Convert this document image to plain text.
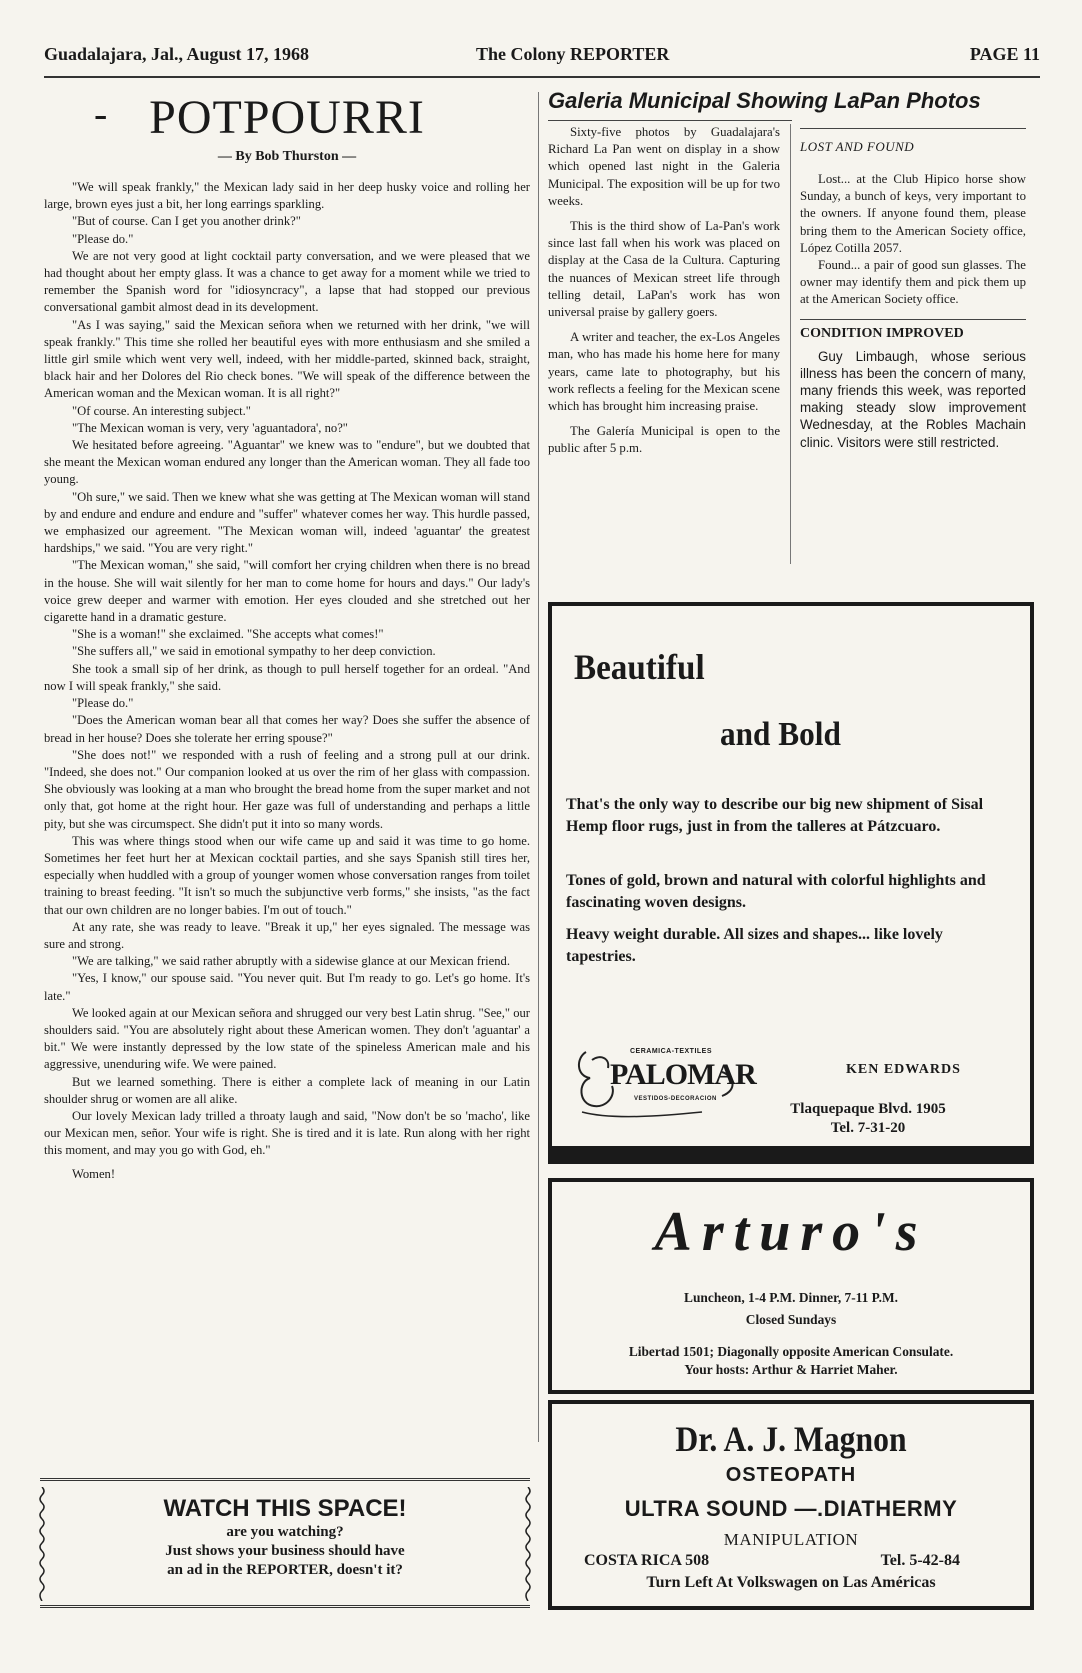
Guadalajara, Jal., August 17, 1968	The Colony REPORTER	PAGE 11
- POTPOURRI
— By Bob Thurston —

"We will speak frankly," the Mexican lady said in her deep husky voice and rolling her large, brown eyes just a bit, her long earrings sparkling.

"But of course. Can I get you another drink?"

"Please do."

We are not very good at light cocktail party conversation, and we were pleased that we had thought about her empty glass. It was a chance to get away for a moment while we tried to remember the Spanish word for "idiosyncracy", a lapse that had stopped our previous conversational gambit almost dead in its development.

"As I was saying," said the Mexican señora when we returned with her drink, "we will speak frankly." This time she rolled her beautiful eyes with more enthusiasm and she smiled a little girl smile which went very well, indeed, with her middle-parted, skinned back, straight, black hair and her Dolores del Rio check bones. "We will speak of the difference between the American woman and the Mexican woman. It is all right?"

"Of course. An interesting subject."

"The Mexican woman is very, very 'aguantadora', no?"

We hesitated before agreeing. "Aguantar" we knew was to "endure", but we doubted that she meant the Mexican woman endured any longer than the American woman. They all fade too young.

"Oh sure," we said. Then we knew what she was getting at The Mexican woman will stand by and endure and endure and endure and "suffer" whatever comes her way. This hurdle passed, we emphasized our agreement. "The Mexican woman will, indeed 'aguantar' the greatest hardships," we said. "You are very right."

"The Mexican woman," she said, "will comfort her crying children when there is no bread in the house. She will wait silently for her man to come home for hours and days." Our lady's voice grew deeper and warmer with emotion. Her eyes clouded and she stretched out her cigarette hand in a dramatic gesture.

"She is a woman!" she exclaimed. "She accepts what comes!"

"She suffers all," we said in emotional sympathy to her deep conviction.

She took a small sip of her drink, as though to pull herself together for an ordeal. "And now I will speak frankly," she said.

"Please do."

"Does the American woman bear all that comes her way? Does she suffer the absence of bread in her house? Does she tolerate her erring spouse?"

"She does not!" we responded with a rush of feeling and a strong pull at our drink. "Indeed, she does not." Our companion looked at us over the rim of her glass with compassion. She obviously was looking at a man who brought the bread home from the super market and not only that, got home at the right hour. Her gaze was full of understanding and perhaps a little pity, but she was circumspect. She didn't put it into so many words.

This was where things stood when our wife came up and said it was time to go home. Sometimes her feet hurt her at Mexican cocktail parties, and she says Spanish still tires her, especially when huddled with a group of younger women whose conversation ranges from toilet training to breast feeding. "It isn't so much the subjunctive verb forms," she insists, "as the fact that our own children are no longer babies. I'm out of touch."

At any rate, she was ready to leave. "Break it up," her eyes signaled. The message was sure and strong.

"We are talking," we said rather abruptly with a sidewise glance at our Mexican friend.

"Yes, I know," our spouse said. "You never quit. But I'm ready to go. Let's go home. It's late."

We looked again at our Mexican señora and shrugged our very best Latin shrug. "See," our shoulders said. "You are absolutely right about these American women. They don't 'aguantar' a bit." We were instantly depressed by the low state of the spineless American male and his aggressive, unenduring wife. We were pained.

But we learned something. There is either a complete lack of meaning in our Latin shoulder shrug or women are all alike.

Our lovely Mexican lady trilled a throaty laugh and said, "Now don't be so 'macho', like our Mexican men, señor. Your wife is right. She is tired and it is late. Run along with her right this moment, and may you go with God, eh."

Women!

WATCH THIS SPACE!
are you watching?
Just shows your business should have
an ad in the REPORTER, doesn't it?
Galeria Municipal Showing LaPan Photos

Sixty-five photos by Guadalajara's Richard La Pan went on display in a show which opened last night in the Galeria Municipal. The exposition will be up for two weeks.

This is the third show of La-Pan's work since last fall when his work was placed on display at the Casa de la Cultura. Capturing the nuances of Mexican street life through telling detail, LaPan's work has won universal praise by gallery goers.

A writer and teacher, the ex-Los Angeles man, who has made his home here for many years, came late to photography, but his work reflects a feeling for the Mexican scene which has brought him increasing praise.

The Galería Municipal is open to the public after 5 p.m.

LOST AND FOUND

Lost... at the Club Hipico horse show Sunday, a bunch of keys, very important to the owners. If anyone found them, please bring them to the American Society office, López Cotilla 2057.

Found... a pair of good sun glasses. The owner may identify them and pick them up at the American Society office.

CONDITION IMPROVED

Guy Limbaugh, whose serious illness has been the concern of many, many friends this week, was reported making steady slow improvement Wednesday, at the Robles Machain clinic. Visitors were still restricted.

Beautiful
and Bold
That's the only way to describe our big new shipment of Sisal Hemp floor rugs, just in from the talleres at Pátzcuaro.
Tones of gold, brown and natural with colorful highlights and fascinating woven designs.
Heavy weight durable. All sizes and shapes... like lovely tapestries.
CERAMICA-TEXTILES
PALOMAR
VESTIDOS-DECORACION
KEN EDWARDS
Tlaquepaque Blvd. 1905
Tel. 7-31-20
Arturo's
Luncheon, 1-4 P.M. Dinner, 7-11 P.M.
Closed Sundays
Libertad 1501; Diagonally opposite American Consulate.
Your hosts: Arthur & Harriet Maher.
Dr. A. J. Magnon
OSTEOPATH
ULTRA SOUND —.DIATHERMY
MANIPULATION
COSTA RICA 508	Tel. 5-42-84
Turn Left At Volkswagen on Las Américas
